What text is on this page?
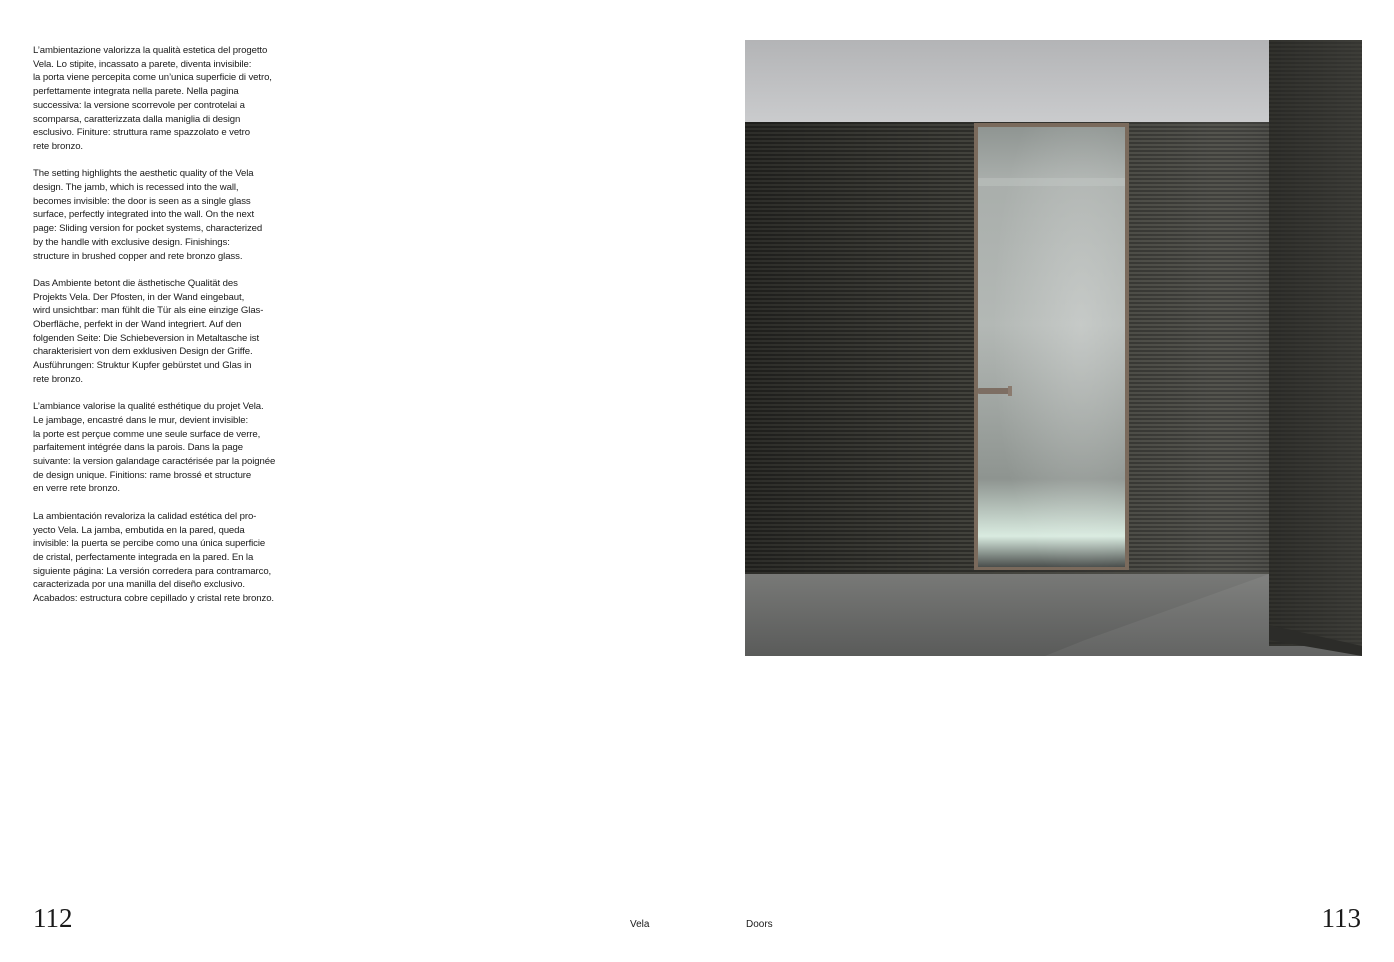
L’ambientazione valorizza la qualità estetica del progetto
Vela. Lo stipite, incassato a parete, diventa invisibile:
la porta viene percepita come un’unica superficie di vetro,
perfettamente integrata nella parete. Nella pagina
successiva: la versione scorrevole per controtelai a
scomparsa, caratterizzata dalla maniglia di design
esclusivo. Finiture: struttura rame spazzolato e vetro
rete bronzo.

The setting highlights the aesthetic quality of the Vela
design. The jamb, which is recessed into the wall,
becomes invisible: the door is seen as a single glass
surface, perfectly integrated into the wall. On the next
page: Sliding version for pocket systems, characterized
by the handle with exclusive design. Finishings:
structure in brushed copper and rete bronzo glass.

Das Ambiente betont die ästhetische Qualität des
Projekts Vela. Der Pfosten, in der Wand eingebaut,
wird unsichtbar: man fühlt die Tür als eine einzige Glas-
Oberfläche, perfekt in der Wand integriert. Auf den
folgenden Seite: Die Schiebeversion in Metaltasche ist
charakterisiert von dem exklusiven Design der Griffe.
Ausführungen: Struktur Kupfer gebürstet und Glas in
rete bronzo.

L’ambiance valorise la qualité esthétique du projet Vela.
Le jambage, encastré dans le mur, devient invisible:
la porte est perçue comme une seule surface de verre,
parfaitement intégrée dans la parois. Dans la page
suivante: la version galandage caractérisée par la poignée
de design unique. Finitions: rame brossé et structure
en verre rete bronzo.

La ambientación revaloriza la calidad estética del pro-
yecto Vela. La jamba, embutida en la pared, queda
invisible: la puerta se percibe como una única superficie
de cristal, perfectamente integrada en la pared. En la
siguiente página: La versión corredera para contramarco,
caracterizada por una manilla del diseño exclusivo.
Acabados: estructura cobre cepillado y cristal rete bronzo.

112	Vela	Doors	113
